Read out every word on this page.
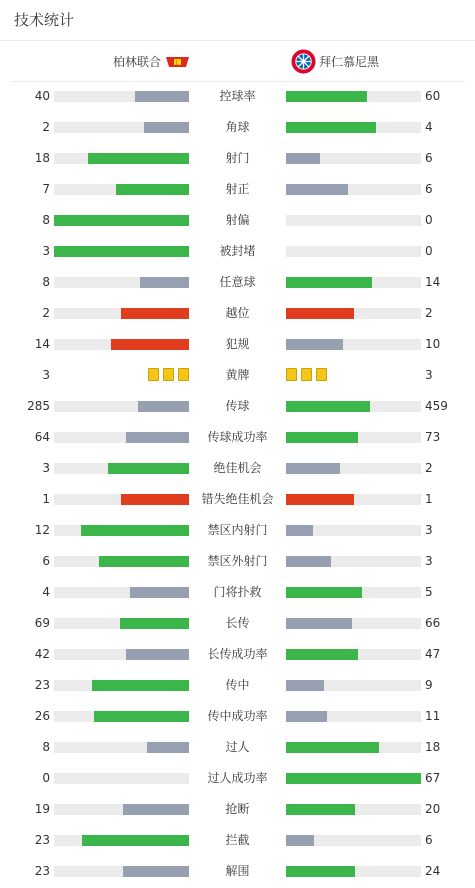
技术统计
柏林联合	1.	拜仁慕尼黑
40	控球率	60
2	角球	4
18	射门	6
7	射正	6
8	射偏	0
3	被封堵	0
8	任意球	14
2	越位	2
14	犯规	10
3	黄牌	3
285	传球	459
64	传球成功率	73
3	绝佳机会	2
1	错失绝佳机会	1
12	禁区内射门	3
6	禁区外射门	3
4	门将扑救	5
69	长传	66
42	长传成功率	47
23	传中	9
26	传中成功率	11
8	过人	18
0	过人成功率	67
19	抢断	20
23	拦截	6
23	解围	24
